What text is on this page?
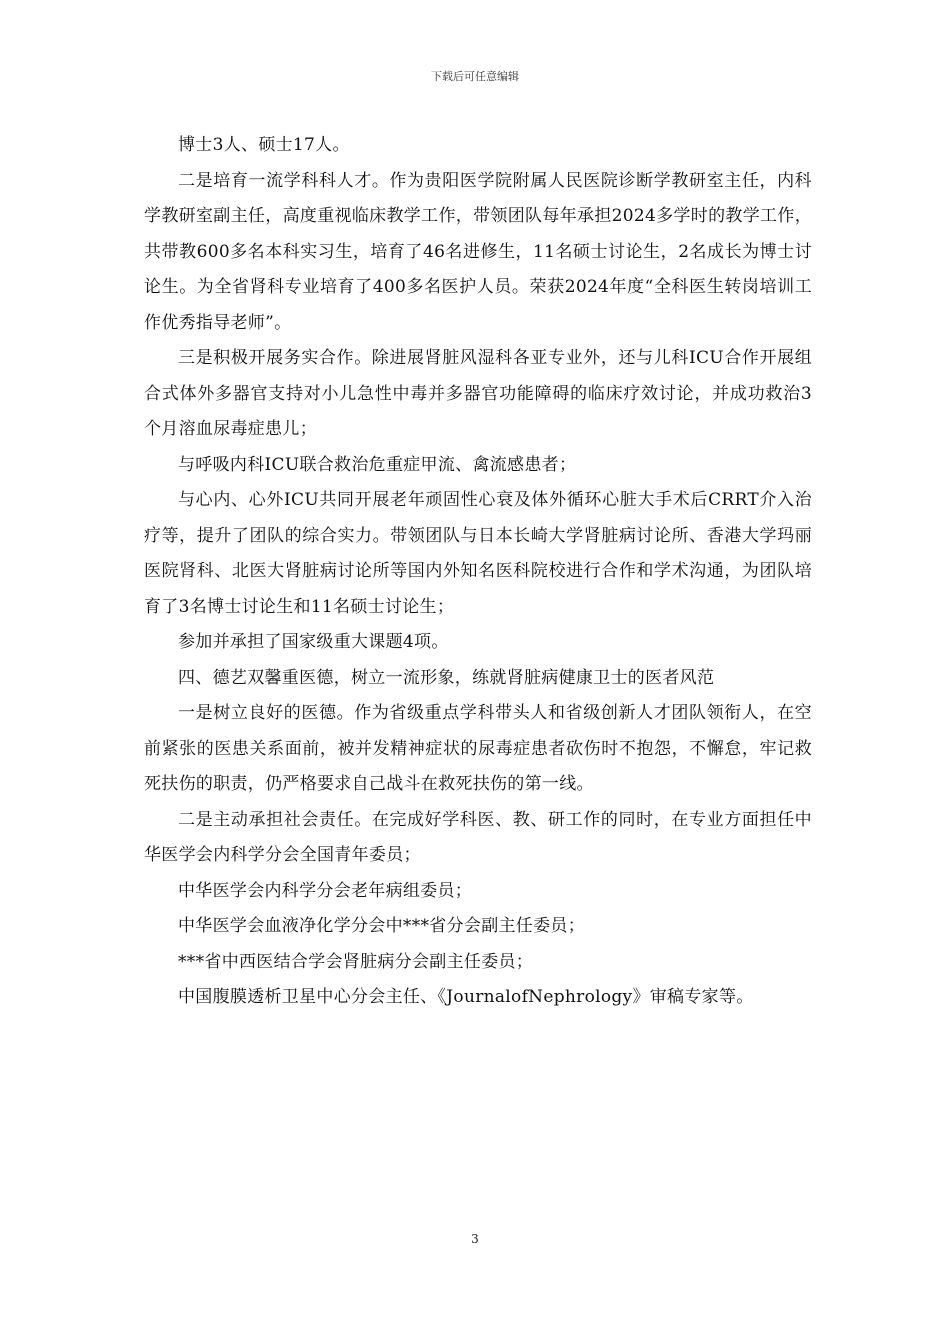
下载后可任意编辑

博士3人、硕士17人。

二是培育一流学科科人才。作为贵阳医学院附属人民医院诊断学教研室主任，内科学教研室副主任，高度重视临床教学工作，带领团队每年承担2024多学时的教学工作，共带教600多名本科实习生，培育了46名进修生，11名硕士讨论生，2名成长为博士讨论生。为全省肾科专业培育了400多名医护人员。荣获2024年度“全科医生转岗培训工作优秀指导老师”。

三是积极开展务实合作。除进展肾脏风湿科各亚专业外，还与儿科ICU合作开展组合式体外多器官支持对小儿急性中毒并多器官功能障碍的临床疗效讨论，并成功救治3个月溶血尿毒症患儿；

与呼吸内科ICU联合救治危重症甲流、禽流感患者；

与心内、心外ICU共同开展老年顽固性心衰及体外循环心脏大手术后CRRT介入治疗等，提升了团队的综合实力。带领团队与日本长崎大学肾脏病讨论所、香港大学玛丽医院肾科、北医大肾脏病讨论所等国内外知名医科院校进行合作和学术沟通，为团队培育了3名博士讨论生和11名硕士讨论生；

参加并承担了国家级重大课题4项。

四、德艺双馨重医德，树立一流形象，练就肾脏病健康卫士的医者风范

一是树立良好的医德。作为省级重点学科带头人和省级创新人才团队领衔人，在空前紧张的医患关系面前，被并发精神症状的尿毒症患者砍伤时不抱怨，不懈怠，牢记救死扶伤的职责，仍严格要求自己战斗在救死扶伤的第一线。

二是主动承担社会责任。在完成好学科医、教、研工作的同时，在专业方面担任中华医学会内科学分会全国青年委员；

中华医学会内科学分会老年病组委员；

中华医学会血液净化学分会中***省分会副主任委员；

***省中西医结合学会肾脏病分会副主任委员；

中国腹膜透析卫星中心分会主任、《JournalofNephrology》审稿专家等。

3
